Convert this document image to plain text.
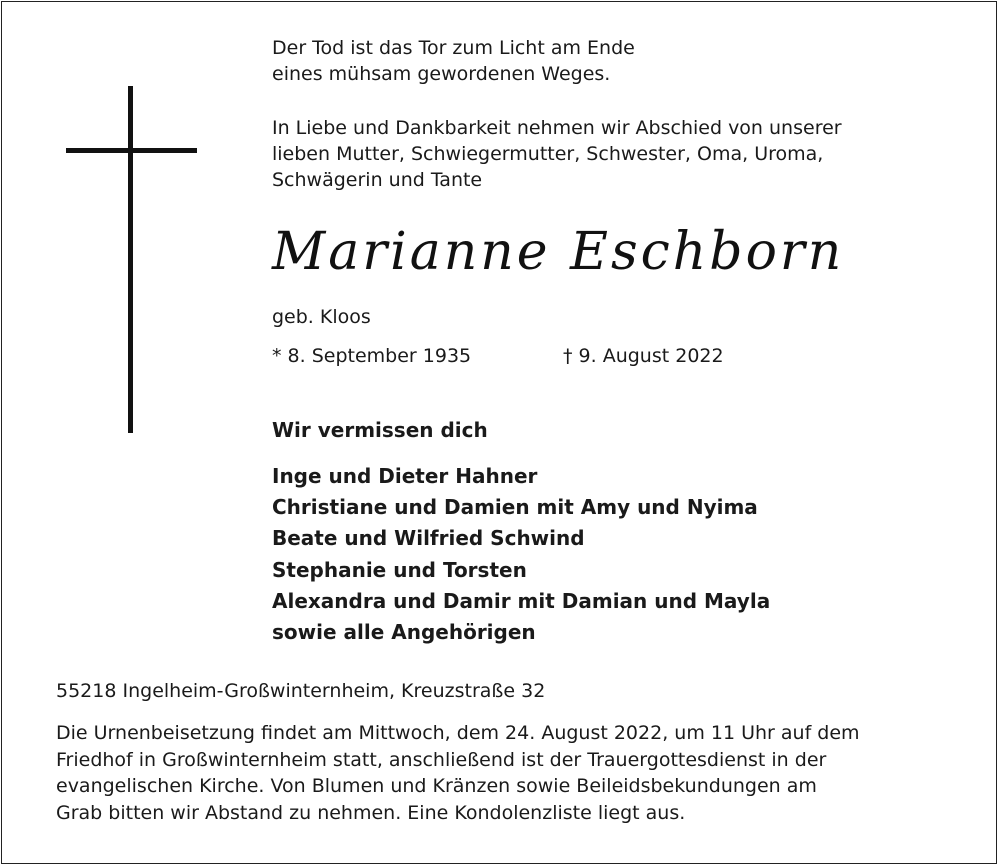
Der Tod ist das Tor zum Licht am Ende
eines mühsam gewordenen Weges.

In Liebe und Dankbarkeit nehmen wir Abschied von unserer
lieben Mutter, Schwiegermutter, Schwester, Oma, Uroma,
Schwägerin und Tante

Marianne Eschborn

geb. Kloos

* 8. September 1935	† 9. August 2022
Wir vermissen dich
Inge und Dieter Hahner
Christiane und Damien mit Amy und Nyima
Beate und Wilfried Schwind
Stephanie und Torsten
Alexandra und Damir mit Damian und Mayla
sowie alle Angehörigen

55218 Ingelheim-Großwinternheim, Kreuzstraße 32

Die Urnenbeisetzung findet am Mittwoch, dem 24. August 2022, um 11 Uhr auf dem
Friedhof in Großwinternheim statt, anschließend ist der Trauergottesdienst in der
evangelischen Kirche. Von Blumen und Kränzen sowie Beileidsbekundungen am
Grab bitten wir Abstand zu nehmen. Eine Kondolenzliste liegt aus.
